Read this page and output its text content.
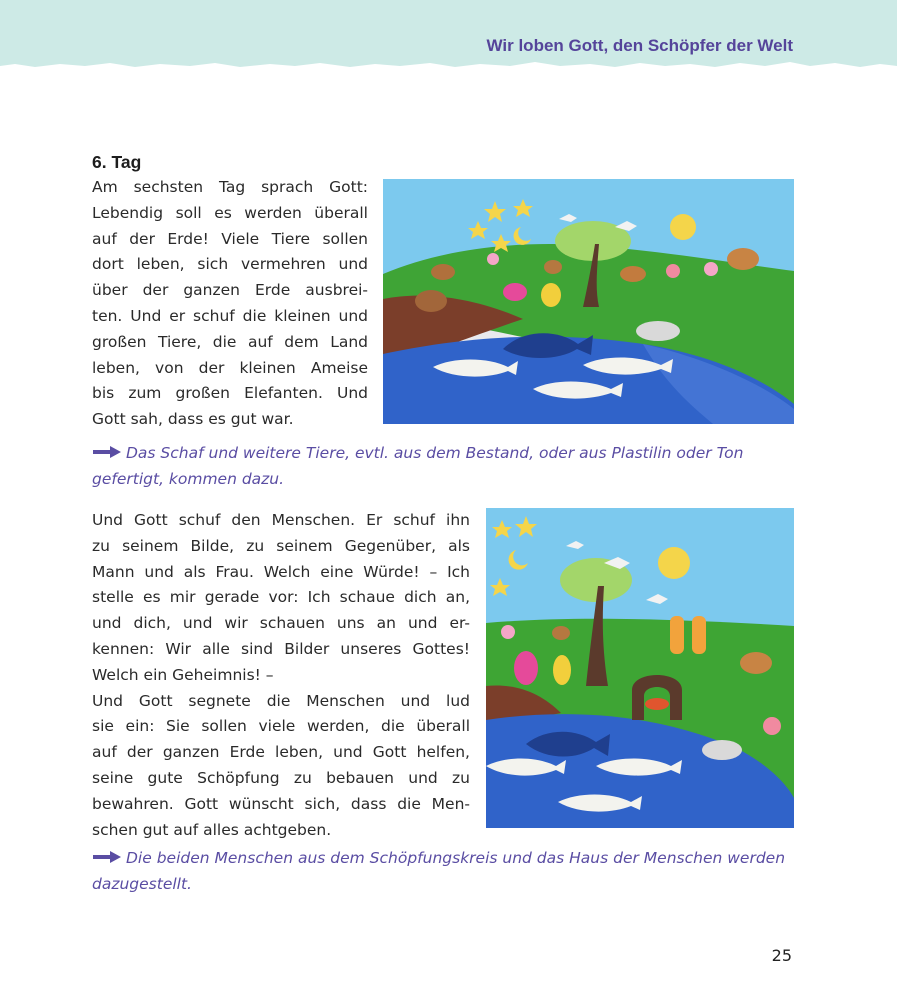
Wir loben Gott, den Schöpfer der Welt
6. Tag

Am sechsten Tag sprach Gott:
Lebendig soll es werden überall
auf der Erde! Viele Tiere sollen
dort leben, sich vermehren und
über der ganzen Erde ausbrei-
ten. Und er schuf die kleinen und
großen Tiere, die auf dem Land
leben, von der kleinen Ameise
bis zum großen Elefanten. Und
Gott sah, dass es gut war.

Das Schaf und weitere Tiere, evtl. aus dem Bestand, oder aus Plastilin oder Ton gefertigt, kommen dazu.

Und Gott schuf den Menschen. Er schuf ihn
zu seinem Bilde, zu seinem Gegenüber, als
Mann und als Frau. Welch eine Würde! – Ich
stelle es mir gerade vor: Ich schaue dich an,
und dich, und wir schauen uns an und er-
kennen: Wir alle sind Bilder unseres Gottes!
Welch ein Geheimnis! –
Und Gott segnete die Menschen und lud
sie ein: Sie sollen viele werden, die überall
auf der ganzen Erde leben, und Gott helfen,
seine gute Schöpfung zu bebauen und zu
bewahren. Gott wünscht sich, dass die Men-
schen gut auf alles achtgeben.

Die beiden Menschen aus dem Schöpfungskreis und das Haus der Menschen werden dazugestellt.
25
